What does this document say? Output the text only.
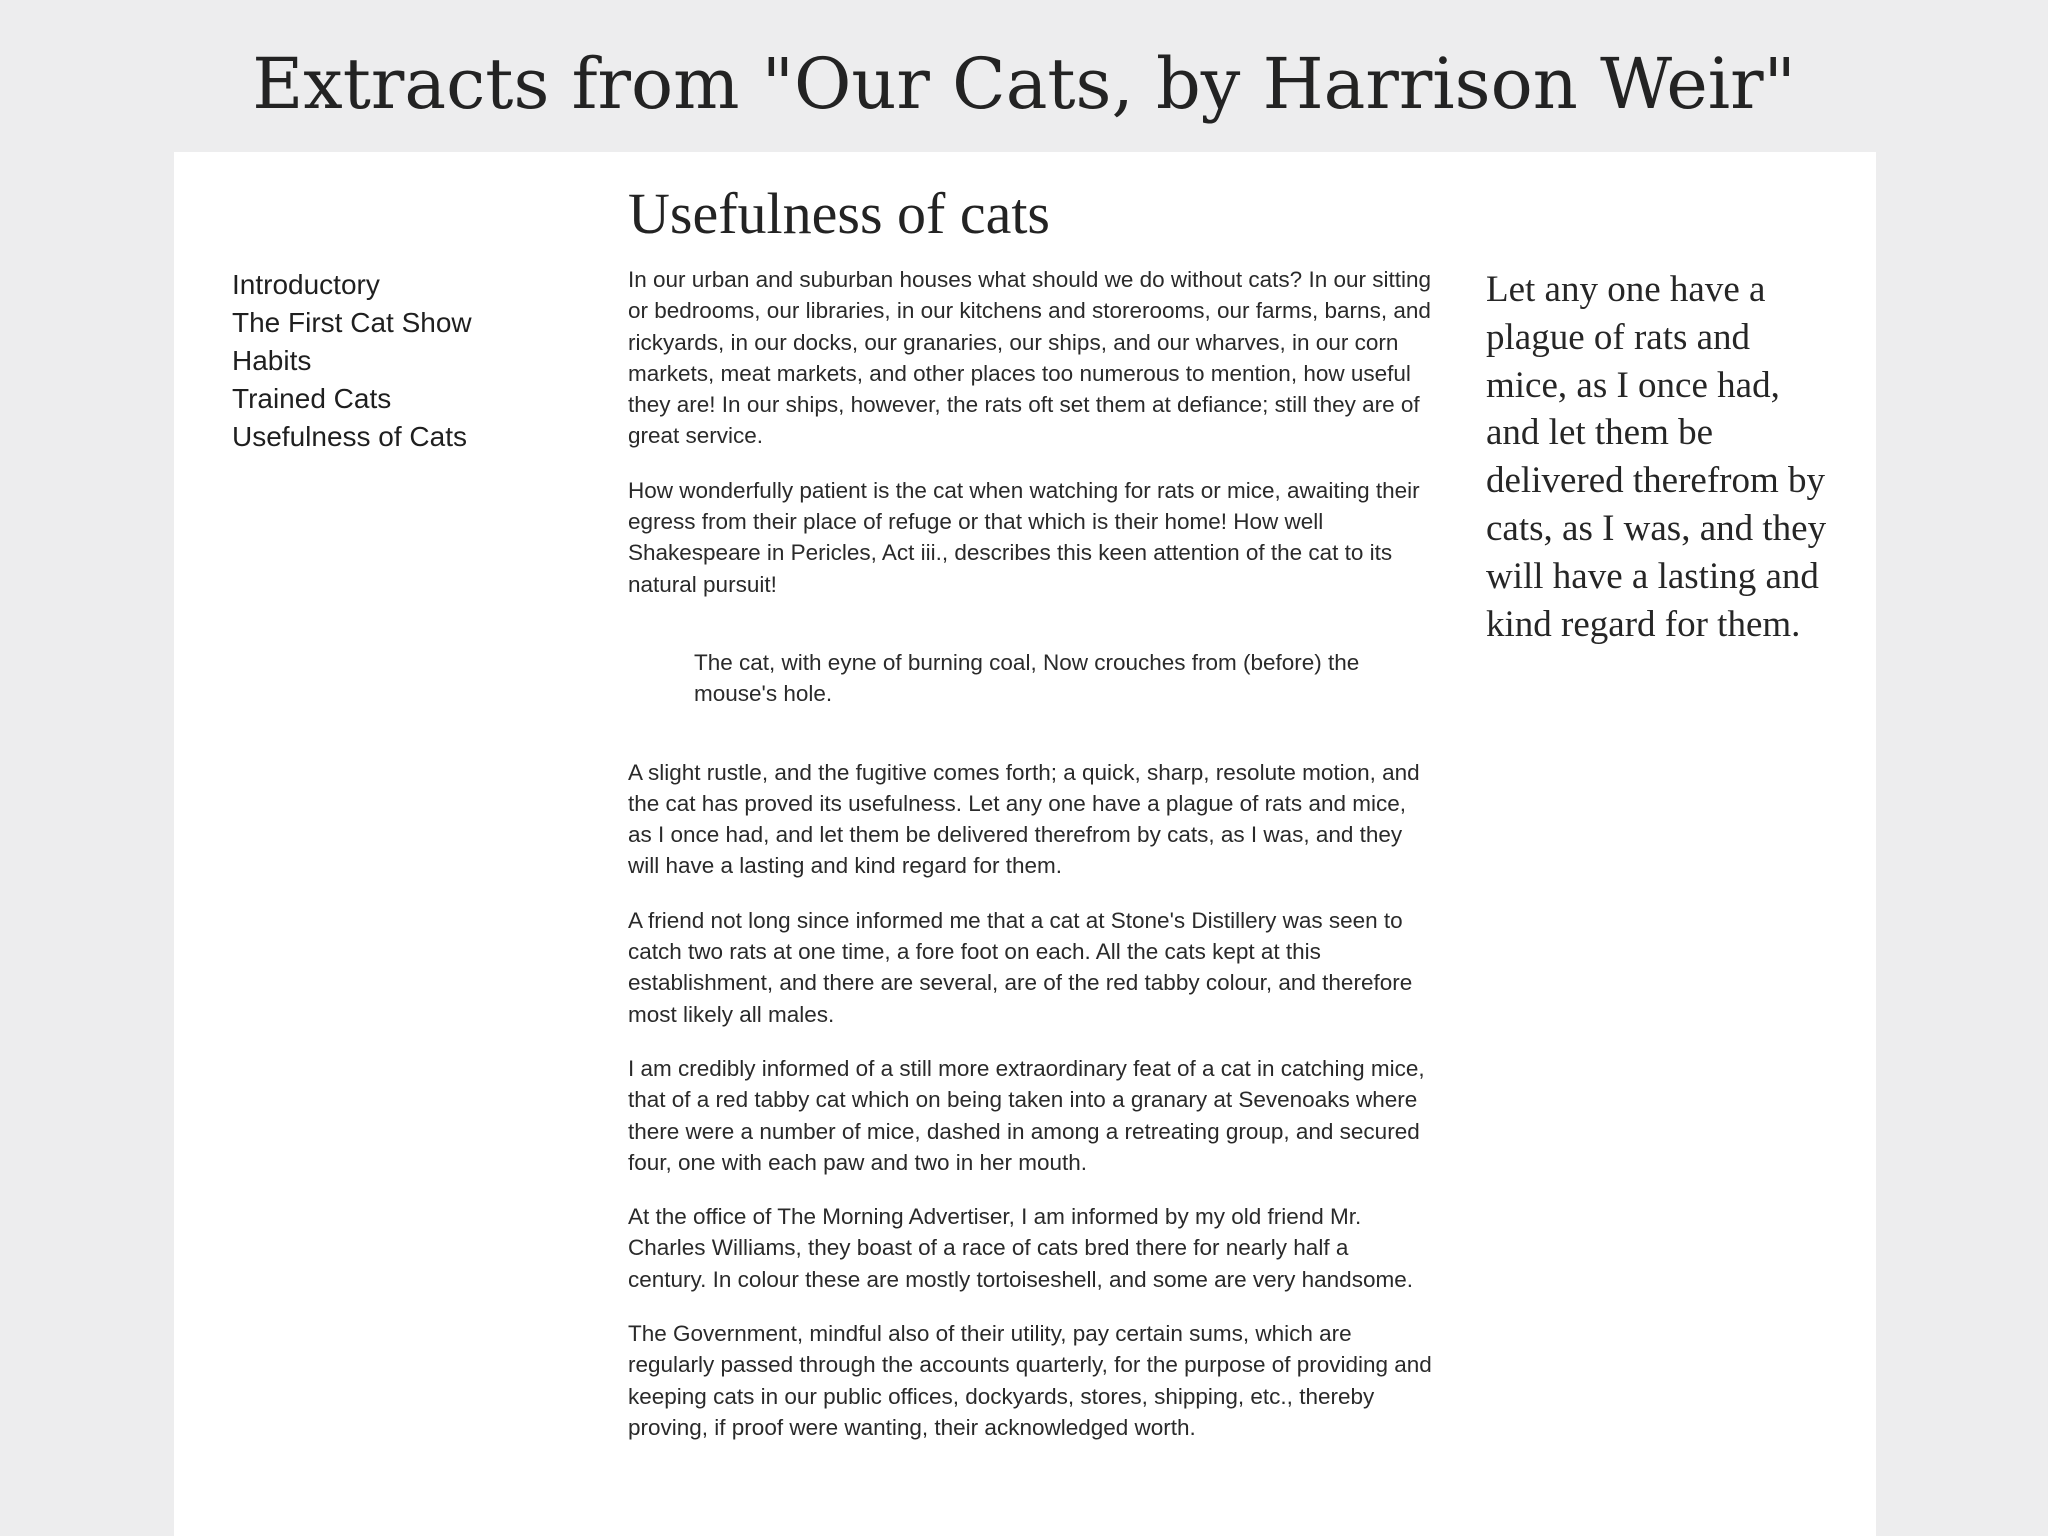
Extracts from "Our Cats, by Harrison Weir"
Introductory
The First Cat Show
Habits
Trained Cats
Usefulness of Cats
Usefulness of cats

In our urban and suburban houses what should we do without cats? In our sitting or bedrooms, our libraries, in our kitchens and storerooms, our farms, barns, and rickyards, in our docks, our granaries, our ships, and our wharves, in our corn markets, meat markets, and other places too numerous to mention, how useful they are! In our ships, however, the rats oft set them at defiance; still they are of great service.

How wonderfully patient is the cat when watching for rats or mice, awaiting their egress from their place of refuge or that which is their home! How well Shakespeare in Pericles, Act iii., describes this keen attention of the cat to its natural pursuit!

The cat, with eyne of burning coal, Now crouches from (before) the mouse's hole.

A slight rustle, and the fugitive comes forth; a quick, sharp, resolute motion, and the cat has proved its usefulness. Let any one have a plague of rats and mice, as I once had, and let them be delivered therefrom by cats, as I was, and they will have a lasting and kind regard for them.

A friend not long since informed me that a cat at Stone's Distillery was seen to catch two rats at one time, a fore foot on each. All the cats kept at this establishment, and there are several, are of the red tabby colour, and therefore most likely all males.

I am credibly informed of a still more extraordinary feat of a cat in catching mice, that of a red tabby cat which on being taken into a granary at Sevenoaks where there were a number of mice, dashed in among a retreating group, and secured four, one with each paw and two in her mouth.

At the office of The Morning Advertiser, I am informed by my old friend Mr. Charles Williams, they boast of a race of cats bred there for nearly half a century. In colour these are mostly tortoiseshell, and some are very handsome.

The Government, mindful also of their utility, pay certain sums, which are regularly passed through the accounts quarterly, for the purpose of providing and keeping cats in our public offices, dockyards, stores, shipping, etc., thereby proving, if proof were wanting, their acknowledged worth.

Let any one have a plague of rats and mice, as I once had, and let them be delivered therefrom by cats, as I was, and they will have a lasting and kind regard for them.
